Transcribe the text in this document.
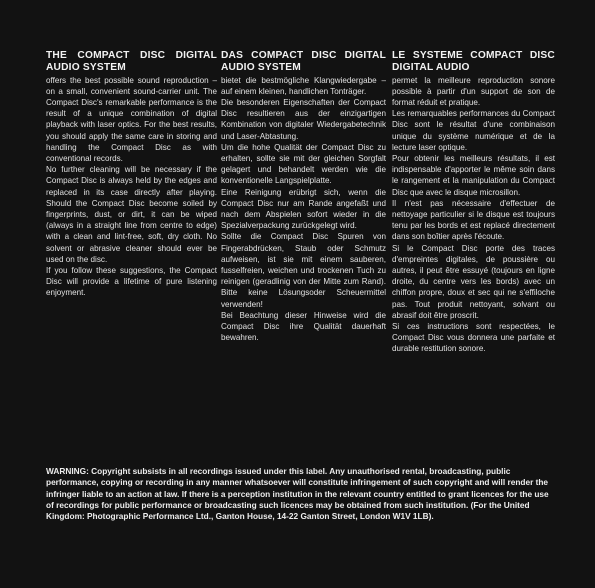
THE COMPACT DISC DIGITAL AUDIO SYSTEM

offers the best possible sound reproduction – on a small, convenient sound-carrier unit. The Compact Disc's remarkable performance is the result of a unique combination of digital playback with laser optics. For the best results, you should apply the same care in storing and handling the Compact Disc as with conventional records.

No further cleaning will be necessary if the Compact Disc is always held by the edges and replaced in its case directly after playing. Should the Compact Disc become soiled by fingerprints, dust, or dirt, it can be wiped (always in a straight line from centre to edge) with a clean and lint-free, soft, dry cloth. No solvent or abrasive cleaner should ever be used on the disc.

If you follow these suggestions, the Compact Disc will provide a lifetime of pure listening enjoyment.

DAS COMPACT DISC DIGITAL AUDIO SYSTEM

bietet die bestmögliche Klangwiedergabe – auf einem kleinen, handlichen Tonträger.

Die besonderen Eigenschaften der Compact Disc resultieren aus der einzigartigen Kombination von digitaler Wiedergabetechnik und Laser-Abtastung.

Um die hohe Qualität der Compact Disc zu erhalten, sollte sie mit der gleichen Sorgfalt gelagert und behandelt werden wie die konventionelle Langspielplatte.

Eine Reinigung erübrigt sich, wenn die Compact Disc nur am Rande angefaßt und nach dem Abspielen sofort wieder in die Spezialverpackung zurückgelegt wird.

Sollte die Compact Disc Spuren von Fingerabdrücken, Staub oder Schmutz aufweisen, ist sie mit einem sauberen, fusselfreien, weichen und trockenen Tuch zu reinigen (geradlinig von der Mitte zum Rand). Bitte keine Lösungsoder Scheuermittel verwenden!

Bei Beachtung dieser Hinweise wird die Compact Disc ihre Qualität dauerhaft bewahren.

LE SYSTEME COMPACT DISC DIGITAL AUDIO

permet la meilleure reproduction sonore possible à partir d'un support de son de format réduit et pratique.

Les remarquables performances du Compact Disc sont le résultat d'une combinaison unique du système numérique et de la lecture laser optique.

Pour obtenir les meilleurs résultats, il est indispensable d'apporter le même soin dans le rangement et la manipulation du Compact Disc que avec le disque microsillon.

Il n'est pas nécessaire d'effectuer de nettoyage particulier si le disque est toujours tenu par les bords et est replacé directement dans son boîtier après l'écoute.

Si le Compact Disc porte des traces d'empreintes digitales, de poussière ou autres, il peut être essuyé (toujours en ligne droite, du centre vers les bords) avec un chiffon propre, doux et sec qui ne s'effiloche pas. Tout produit nettoyant, solvant ou abrasif doit être proscrit.

Si ces instructions sont respectées, le Compact Disc vous donnera une parfaite et durable restitution sonore.

WARNING: Copyright subsists in all recordings issued under this label. Any unauthorised rental, broadcasting, public performance, copying or recording in any manner whatsoever will constitute infringement of such copyright and will render the infringer liable to an action at law. If there is a perception institution in the relevant country entitled to grant licences for the use of recordings for public performance or broadcasting such licences may be obtained from such institution. (For the United Kingdom: Photographic Performance Ltd., Ganton House, 14-22 Ganton Street, London W1V 1LB).
